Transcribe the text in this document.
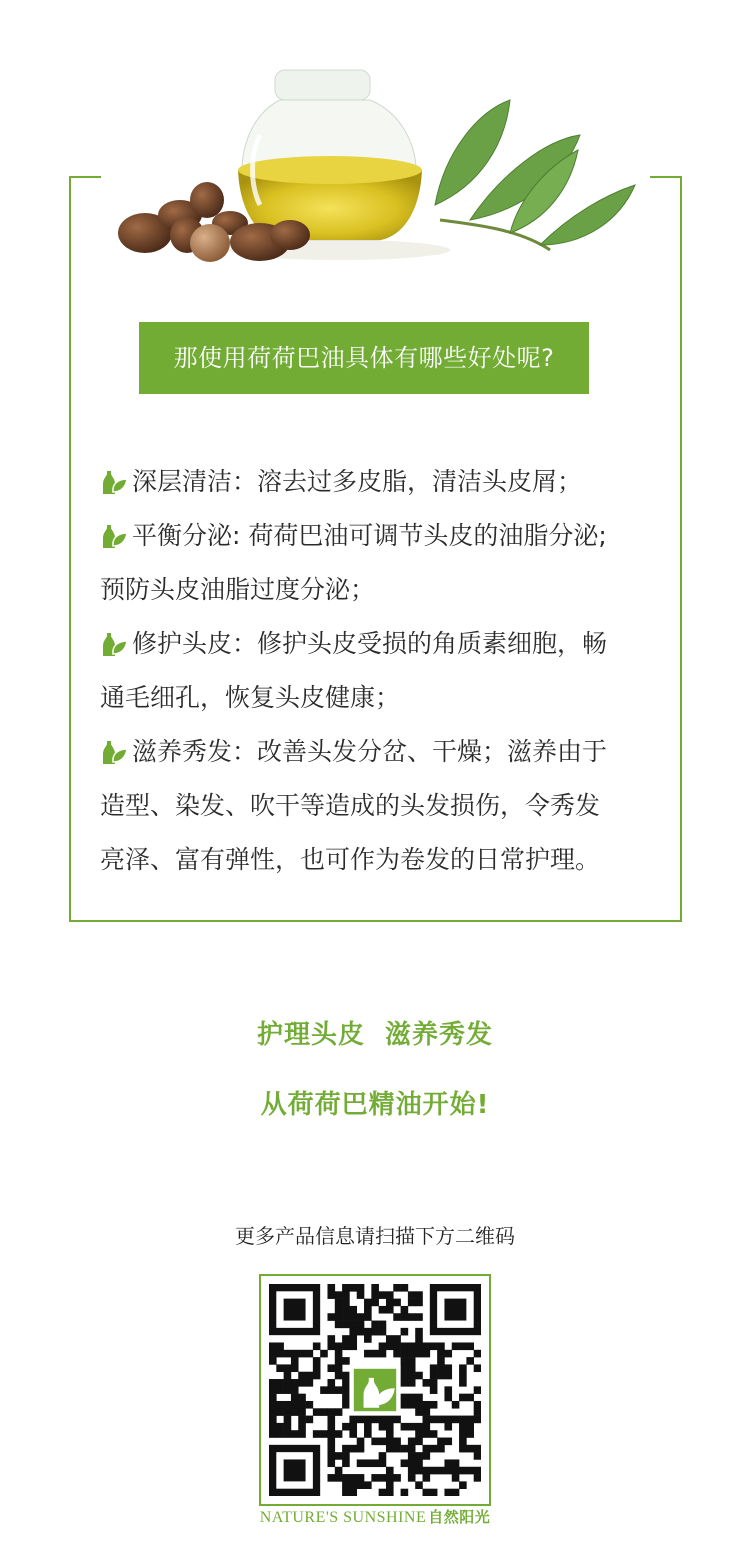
那使用荷荷巴油具体有哪些好处呢?
深层清洁：溶去过多皮脂，清洁头皮屑；
平衡分泌: 荷荷巴油可调节头皮的油脂分泌;
预防头皮油脂过度分泌；
修护头皮：修护头皮受损的角质素细胞，畅
通毛细孔，恢复头皮健康；
滋养秀发：改善头发分岔、干燥；滋养由于
造型、染发、吹干等造成的头发损伤，令秀发
亮泽、富有弹性，也可作为卷发的日常护理。
护理头皮  滋养秀发
从荷荷巴精油开始!
更多产品信息请扫描下方二维码
NATURE'S SUNSHINE 自然阳光
